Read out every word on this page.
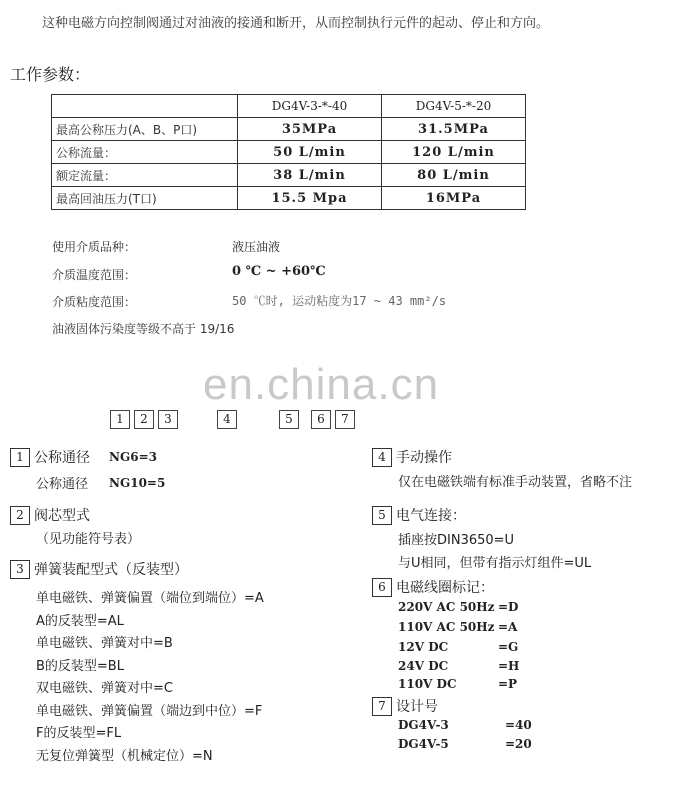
这种电磁方向控制阀通过对油液的接通和断开，从而控制执行元件的起动、停止和方向。
工作参数：
	DG4V-3-*-40	DG4V-5-*-20
最高公称压力(A、B、P口)	35MPa	31.5MPa
公称流量：	50 L/min	120 L/min
额定流量：	38 L/min	80 L/min
最高回油压力(T口)	15.5 Mpa	16MPa
使用介质品种：	液压油液
介质温度范围：	0 ℃ ~ +60℃
介质粘度范围：	50 ℃时, 运动粘度为17 ~ 43 mm²/s
油液固体污染度等级不高于 19/16
en.china.cn
1	2	3	4	5	6	7
1 公称通径 NG6=3
公称通径 NG10=5
2 阀芯型式
（见功能符号表）
3 弹簧装配型式（反装型）
单电磁铁、弹簧偏置（端位到端位）=A
A的反装型=AL
单电磁铁、弹簧对中=B
B的反装型=BL
双电磁铁、弹簧对中=C
单电磁铁、弹簧偏置（端边到中位）=F
F的反装型=FL
无复位弹簧型（机械定位）=N
4 手动操作
仅在电磁铁端有标准手动装置，省略不注
5 电气连接：
插座按DIN3650=U
与U相同，但带有指示灯组件=UL
6 电磁线圈标记：
220V AC 50Hz =D
110V AC 50Hz =A
12V DC	=G
24V DC	=H
110V DC	=P
7 设计号
DG4V-3	=40
DG4V-5	=20
